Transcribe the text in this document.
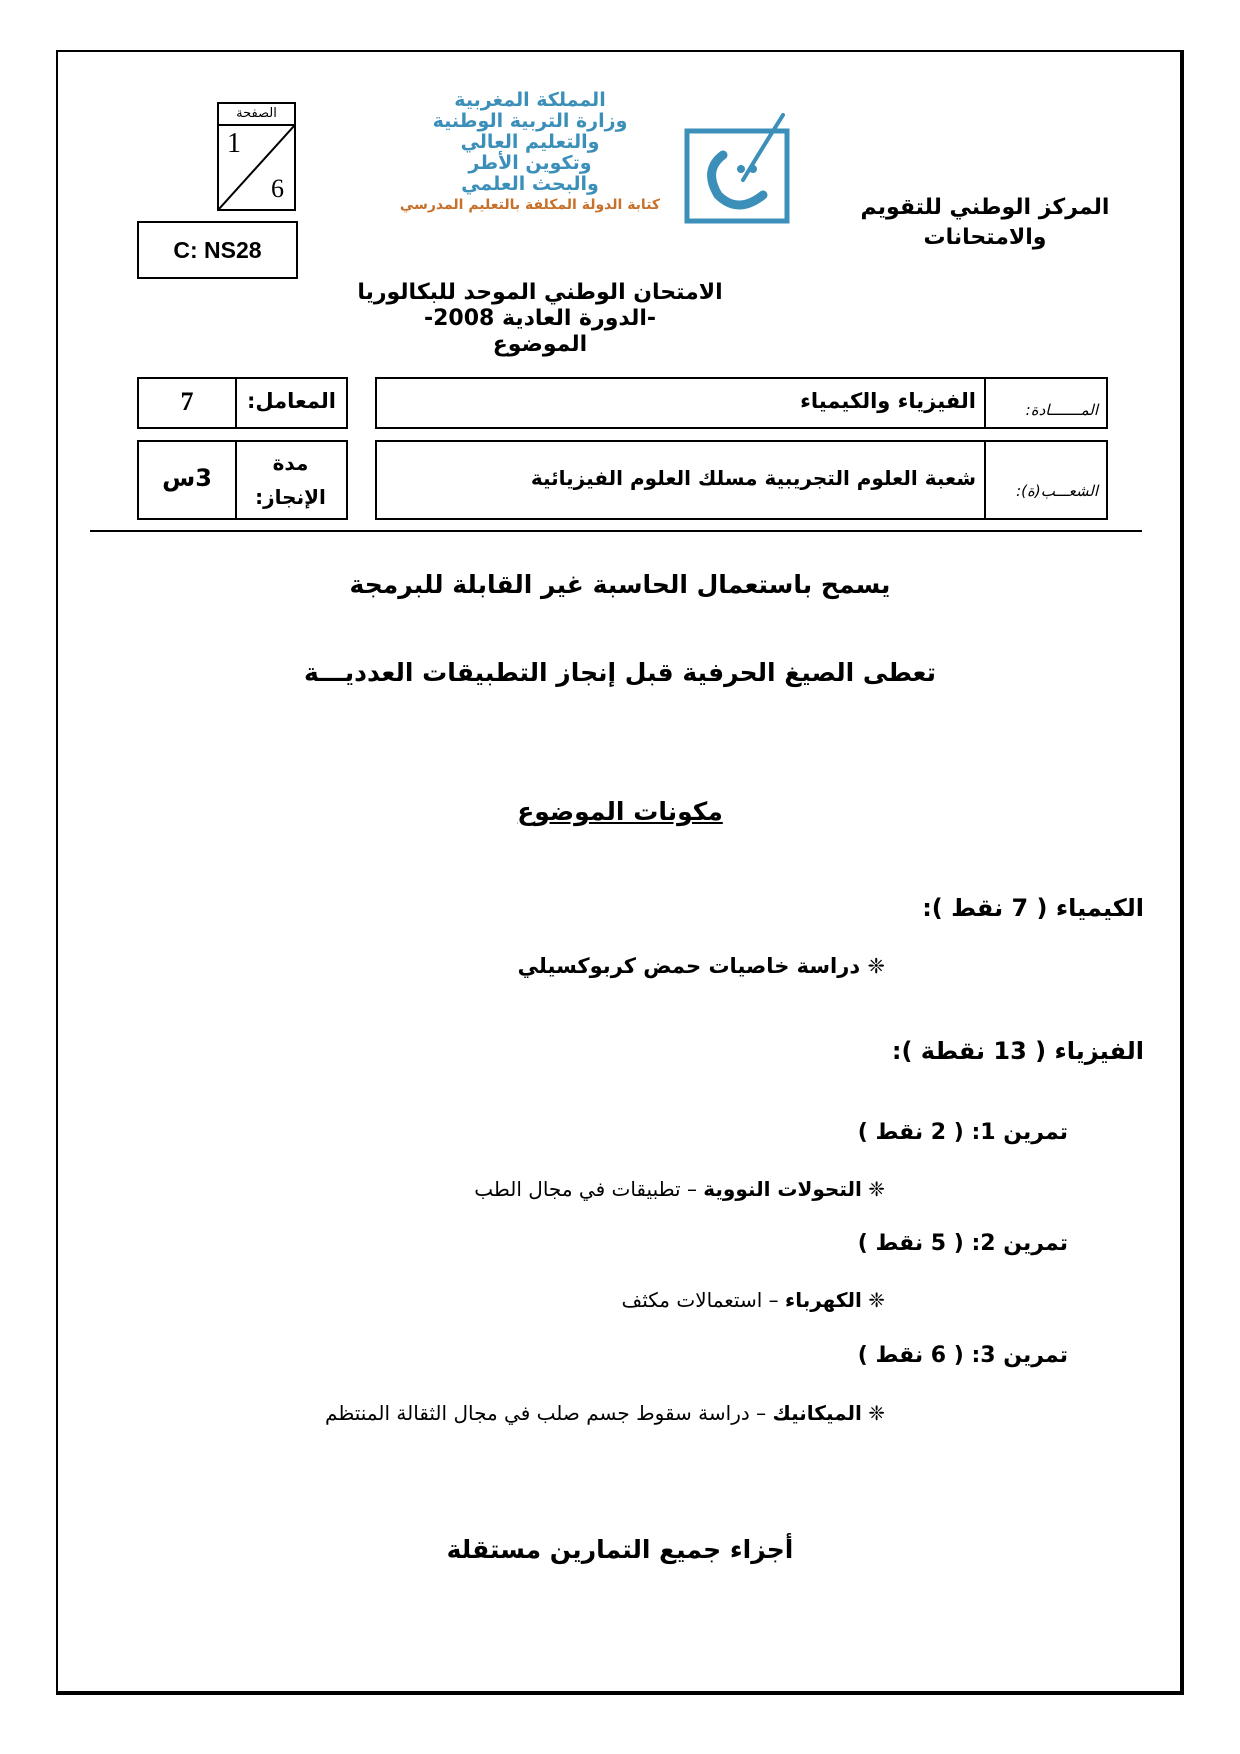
المركز الوطني للتقويم
والامتحانات
المملكة المغربية
وزارة التربية الوطنية
والتعليم العالي
وتكوين الأطر
والبحث العلمي
كتابة الدولة المكلفة بالتعليم المدرسي
الصفحة
1
6
C: NS28
الامتحان الوطني الموحد للبكالوريا
-الدورة العادية 2008-
الموضوع
المـــــــادة:
الفيزياء والكيمياء
المعامل:
7
الشعـــب(ة):
شعبة العلوم التجريبية مسلك العلوم الفيزيائية
مدة
الإنجاز:
3س
يسمح باستعمال الحاسبة غير القابلة للبرمجة
تعطى الصيغ الحرفية قبل إنجاز التطبيقات العدديـــة
مكونات الموضوع
الكيمياء ( 7 نقط ):
❈ دراسة خاصيات حمض كربوكسيلي
الفيزياء ( 13 نقطة ):
تمرين 1: ( 2 نقط )
❈ التحولات النووية – تطبيقات في مجال الطب
تمرين 2: ( 5 نقط )
❈ الكهرباء – استعمالات مكثف
تمرين 3: ( 6 نقط )
❈ الميكانيك – دراسة سقوط جسم صلب في مجال الثقالة المنتظم
أجزاء جميع التمارين مستقلة
